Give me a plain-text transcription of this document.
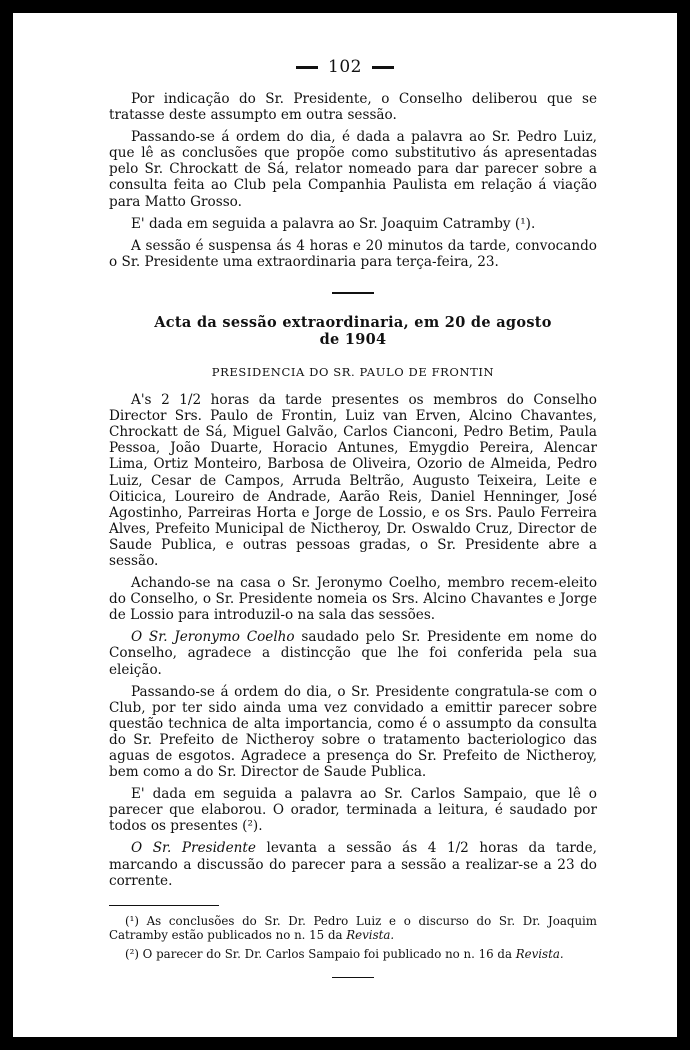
102

Por indicação do Sr. Presidente, o Conselho deliberou que se tratasse deste assumpto em outra sessão.

Passando-se á ordem do dia, é dada a palavra ao Sr. Pedro Luiz, que lê as conclusões que propõe como substitutivo ás apresentadas pelo Sr. Chrockatt de Sá, relator nomeado para dar parecer sobre a consulta feita ao Club pela Companhia Paulista em relação á viação para Matto Grosso.

E' dada em seguida a palavra ao Sr. Joaquim Catramby (¹).

A sessão é suspensa ás 4 horas e 20 minutos da tarde, convocando o Sr. Presidente uma extraordinaria para terça-feira, 23.

Acta da sessão extraordinaria, em 20 de agosto
de 1904
PRESIDENCIA DO SR. PAULO DE FRONTIN

A's 2 1/2 horas da tarde presentes os membros do Conselho Director Srs. Paulo de Frontin, Luiz van Erven, Alcino Chavantes, Chrockatt de Sá, Miguel Galvão, Carlos Cianconi, Pedro Betim, Paula Pessoa, João Duarte, Horacio Antunes, Emygdio Pereira, Alencar Lima, Ortiz Monteiro, Barbosa de Oliveira, Ozorio de Almeida, Pedro Luiz, Cesar de Campos, Arruda Beltrão, Augusto Teixeira, Leite e Oiticica, Loureiro de Andrade, Aarão Reis, Daniel Henninger, José Agostinho, Parreiras Horta e Jorge de Lossio, e os Srs. Paulo Ferreira Alves, Prefeito Municipal de Nictheroy, Dr. Oswaldo Cruz, Director de Saude Publica, e outras pessoas gradas, o Sr. Presidente abre a sessão.

Achando-se na casa o Sr. Jeronymo Coelho, membro recem-eleito do Conselho, o Sr. Presidente nomeia os Srs. Alcino Chavantes e Jorge de Lossio para introduzil-o na sala das sessões.

O Sr. Jeronymo Coelho saudado pelo Sr. Presidente em nome do Conselho, agradece a distincção que lhe foi conferida pela sua eleição.

Passando-se á ordem do dia, o Sr. Presidente congratula-se com o Club, por ter sido ainda uma vez convidado a emittir parecer sobre questão technica de alta importancia, como é o assumpto da consulta do Sr. Prefeito de Nictheroy sobre o tratamento bacteriologico das aguas de esgotos. Agradece a presença do Sr. Prefeito de Nictheroy, bem como a do Sr. Director de Saude Publica.

E' dada em seguida a palavra ao Sr. Carlos Sampaio, que lê o parecer que elaborou. O orador, terminada a leitura, é saudado por todos os presentes (²).

O Sr. Presidente levanta a sessão ás 4 1/2 horas da tarde, marcando a discussão do parecer para a sessão a realizar-se a 23 do corrente.

(¹) As conclusões do Sr. Dr. Pedro Luiz e o discurso do Sr. Dr. Joaquim Catramby estão publicados no n. 15 da Revista.

(²) O parecer do Sr. Dr. Carlos Sampaio foi publicado no n. 16 da Revista.
